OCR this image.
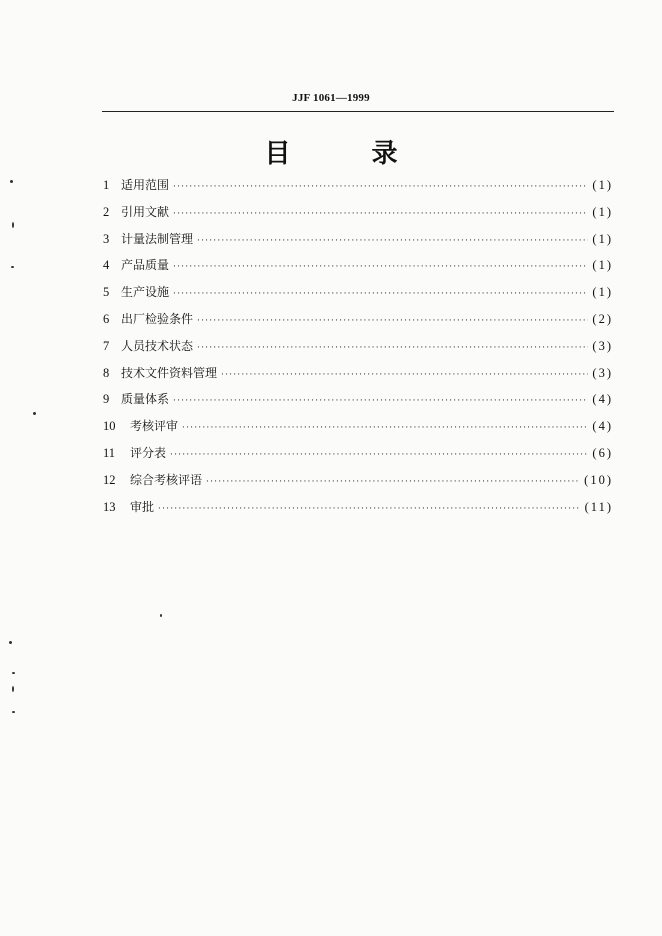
JJF 1061—1999
目 录
1 适用范围 ·····	(1)
2 引用文献 ·····	(1)
3 计量法制管理 ·····	(1)
4 产品质量 ·····	(1)
5 生产设施 ·····	(1)
6 出厂检验条件 ·····	(2)
7 人员技术状态 ·····	(3)
8 技术文件资料管理 ·····	(3)
9 质量体系 ·····	(4)
10	考核评审 ·····	(4)
11	评分表 ·····	(6)
12	综合考核评语 ·····	(10)
13	审批 ·····	(11)
